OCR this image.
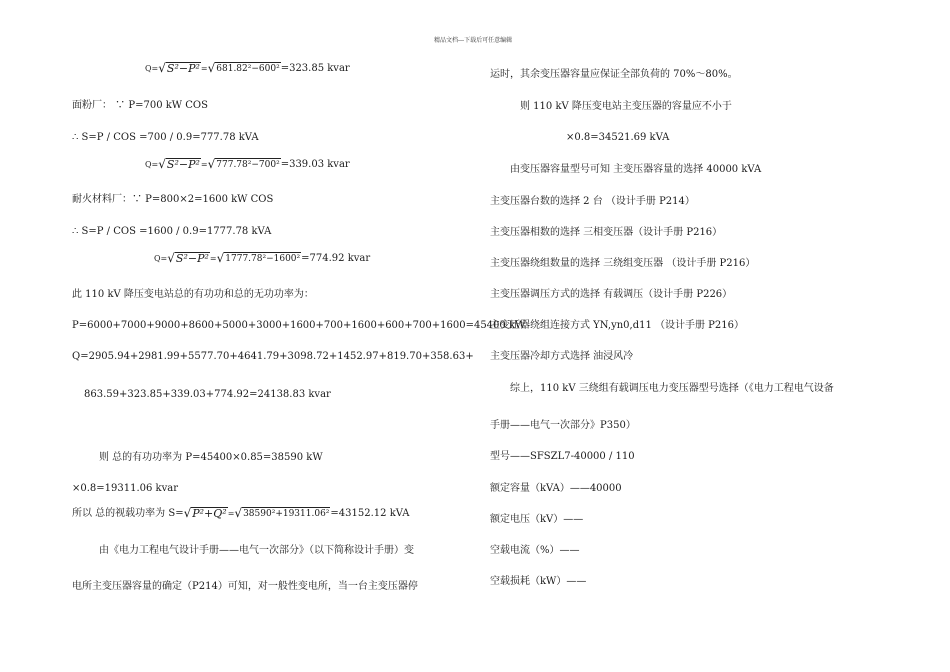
精品文档---下载后可任意编辑
Q= √ S²−P² = √ 681.82²−600² =323.85 kvar
面粉厂： ∵ P=700 kW COS
∴ S=P / COS =700 / 0.9=777.78 kVA
Q= √ S²−P² = √ 777.78²−700² =339.03 kvar
耐火材料厂：∵ P=800×2=1600 kW COS
∴ S=P / COS =1600 / 0.9=1777.78 kVA
Q= √ S²−P² = √ 1777.78²−1600² =774.92 kvar
此 110 kV 降压变电站总的有功功和总的无功功率为：
P=6000+7000+9000+8600+5000+3000+1600+700+1600+600+700+1600=45400 kW
Q=2905.94+2981.99+5577.70+4641.79+3098.72+1452.97+819.70+358.63+
863.59+323.85+339.03+774.92=24138.83 kvar
则 总的有功功率为 P=45400×0.85=38590 kW
×0.8=19311.06 kvar
所以 总的视载功率为 S= √ P²+Q² = √ 38590²+19311.06² =43152.12 kVA
由《电力工程电气设计手册——电气一次部分》（以下简称设计手册）变
电所主变压器容量的确定（P214）可知，对一般性变电所，当一台主变压器停
运时，其余变压器容量应保证全部负荷的 70%～80%。
则 110 kV 降压变电站主变压器的容量应不小于
×0.8=34521.69 kVA
由变压器容量型号可知 主变压器容量的选择 40000 kVA
主变压器台数的选择 2 台 （设计手册 P214）
主变压器相数的选择 三相变压器（设计手册 P216）
主变压器绕组数量的选择 三绕组变压器 （设计手册 P216）
主变压器调压方式的选择 有载调压（设计手册 P226）
主变压器绕组连接方式 YN,yn0,d11 （设计手册 P216）
主变压器冷却方式选择 油浸风冷
综上，110 kV 三绕组有载调压电力变压器型号选择（《电力工程电气设备
手册——电气一次部分》P350）
型号——SFSZL7-40000 / 110
额定容量（kVA）——40000
额定电压（kV）——
空载电流（%）——
空载损耗（kW）——
